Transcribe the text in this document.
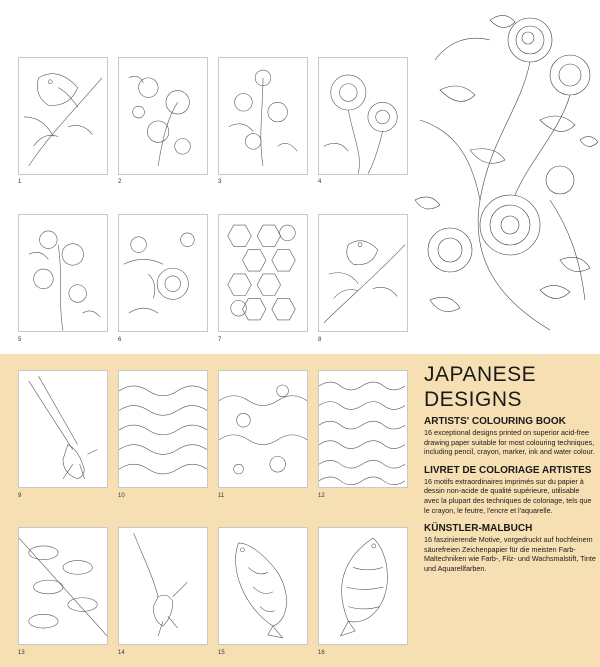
1	2	3	4
5	6	7	8
9	10	11	12
13	14	15	16
JAPANESE
DESIGNS
ARTISTS' COLOURING BOOK

16 exceptional designs printed on superior acid-free drawing paper suitable for most colouring techniques, including pencil, crayon, marker, ink and water colour.

LIVRET DE COLORIAGE ARTISTES

16 motifs extraordinaires imprimés sur du papier à dessin non-acide de qualité supérieure, utilisable avec la plupart des techniques de coloriage, tels que le crayon, le feutre, l'encre et l'aquarelle.

KÜNSTLER-MALBUCH

16 faszinierende Motive, vorgedruckt auf hochfeinem säurefreien Zeichenpapier für die meisten Farb-Maltechniken wie Farb-, Filz- und Wachsmalstift, Tinte und Aquarellfarben.
